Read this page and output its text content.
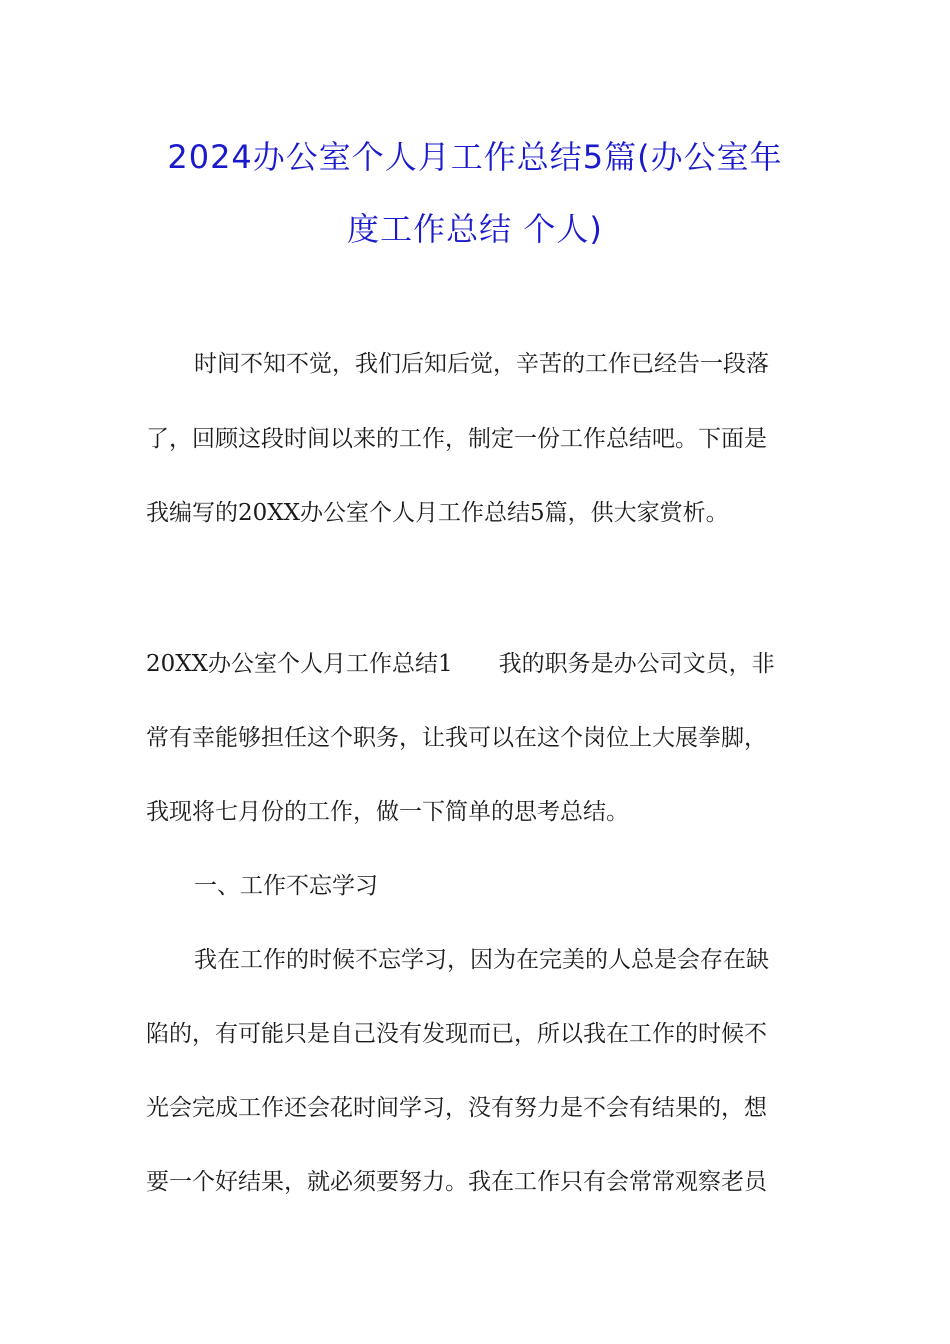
2024办公室个人月工作总结5篇(办公室年
度工作总结 个人)
时间不知不觉，我们后知后觉，辛苦的工作已经告一段落
了，回顾这段时间以来的工作，制定一份工作总结吧。下面是
我编写的20XX办公室个人月工作总结5篇，供大家赏析。
20XX办公室个人月工作总结1 我的职务是办公司文员，非
常有幸能够担任这个职务，让我可以在这个岗位上大展拳脚，
我现将七月份的工作，做一下简单的思考总结。
一、工作不忘学习
我在工作的时候不忘学习，因为在完美的人总是会存在缺
陷的，有可能只是自己没有发现而已，所以我在工作的时候不
光会完成工作还会花时间学习，没有努力是不会有结果的，想
要一个好结果，就必须要努力。我在工作只有会常常观察老员
